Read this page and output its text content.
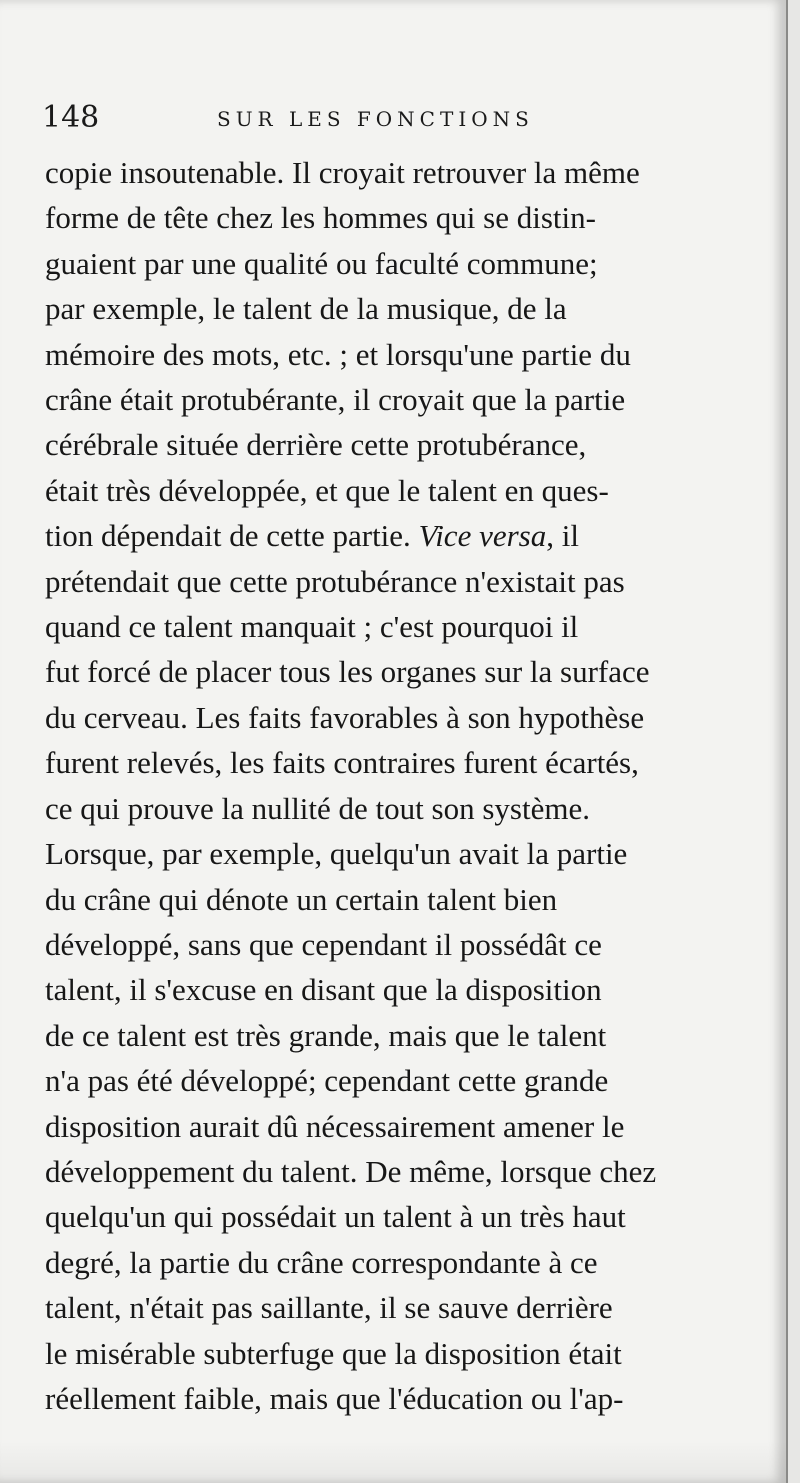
148	SUR LES FONCTIONS
copie insoutenable. Il croyait retrouver la même
forme de tête chez les hommes qui se distin-
guaient par une qualité ou faculté commune;
par exemple, le talent de la musique, de la
mémoire des mots, etc. ; et lorsqu'une partie du
crâne était protubérante, il croyait que la partie
cérébrale située derrière cette protubérance,
était très développée, et que le talent en ques-
tion dépendait de cette partie. Vice versa, il
prétendait que cette protubérance n'existait pas
quand ce talent manquait ; c'est pourquoi il
fut forcé de placer tous les organes sur la surface
du cerveau. Les faits favorables à son hypothèse
furent relevés, les faits contraires furent écartés,
ce qui prouve la nullité de tout son système.
Lorsque, par exemple, quelqu'un avait la partie
du crâne qui dénote un certain talent bien
développé, sans que cependant il possédât ce
talent, il s'excuse en disant que la disposition
de ce talent est très grande, mais que le talent
n'a pas été développé; cependant cette grande
disposition aurait dû nécessairement amener le
développement du talent. De même, lorsque chez
quelqu'un qui possédait un talent à un très haut
degré, la partie du crâne correspondante à ce
talent, n'était pas saillante, il se sauve derrière
le misérable subterfuge que la disposition était
réellement faible, mais que l'éducation ou l'ap-
